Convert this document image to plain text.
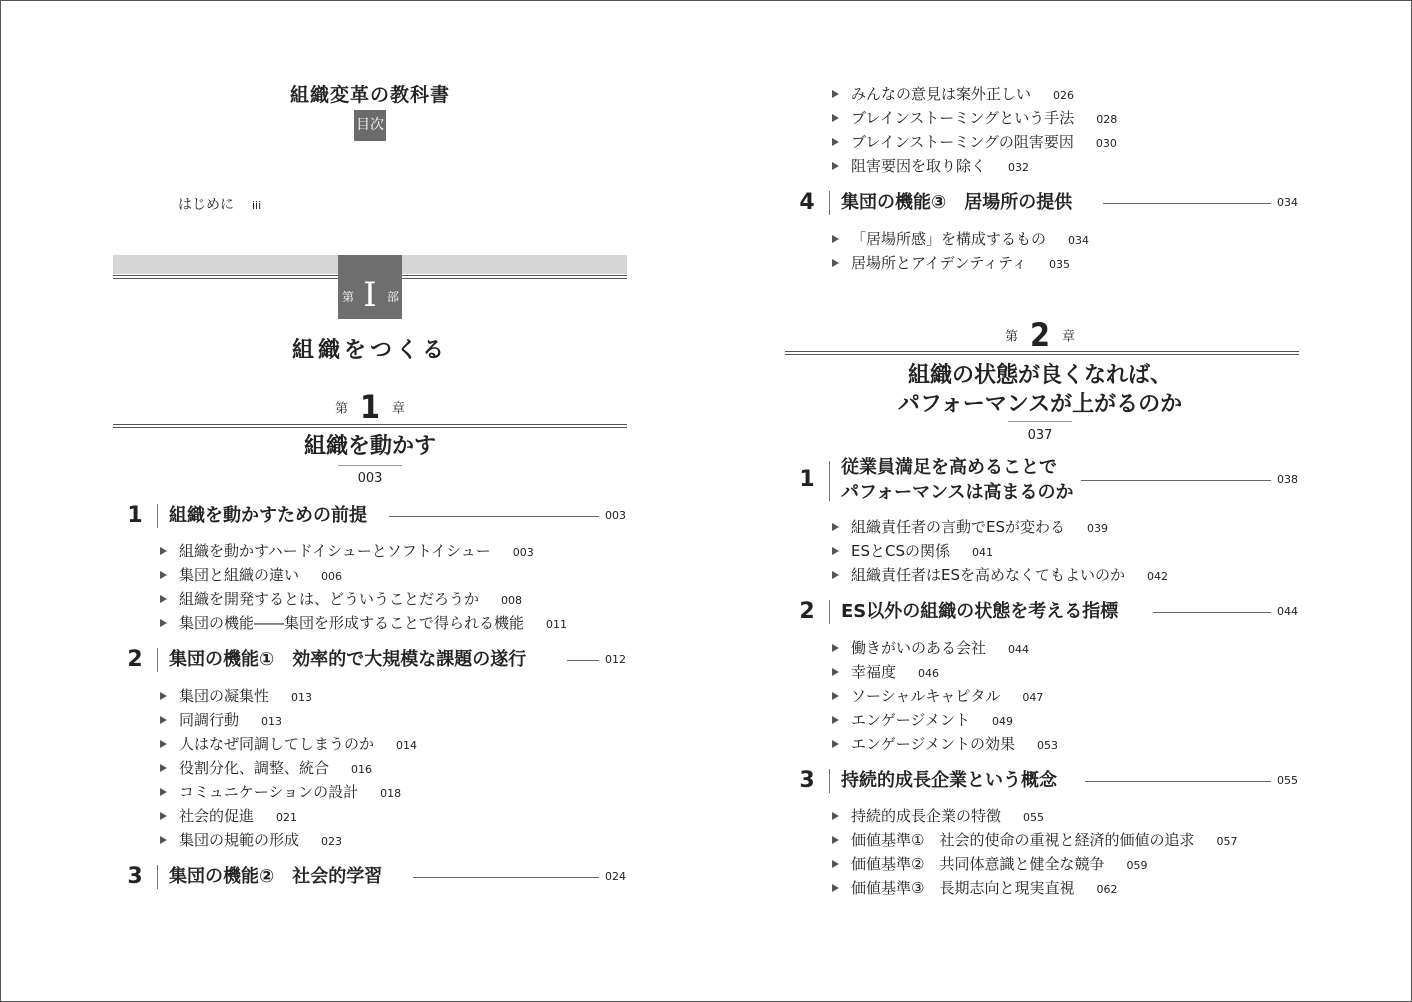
組織変革の教科書
目次
はじめに iii
第 I 部
組織をつくる
第 1 章
組織を動かす
003
1 組織を動かすための前提	003
組織を動かすハードイシューとソフトイシュー 003
集団と組織の違い 006
組織を開発するとは、どういうことだろうか 008
集団の機能――集団を形成することで得られる機能 011
2 集団の機能①　効率的で大規模な課題の遂行	012
集団の凝集性 013
同調行動 013
人はなぜ同調してしまうのか 014
役割分化、調整、統合 016
コミュニケーションの設計 018
社会的促進 021
集団の規範の形成 023
3 集団の機能②　社会的学習	024
みんなの意見は案外正しい 026
ブレインストーミングという手法 028
ブレインストーミングの阻害要因 030
阻害要因を取り除く 032
4 集団の機能③　居場所の提供	034
「居場所感」を構成するもの 034
居場所とアイデンティティ 035
第 2 章
組織の状態が良くなれば、
パフォーマンスが上がるのか
037
1 従業員満足を高めることで
パフォーマンスは高まるのか
038
組織責任者の言動でESが変わる 039
ESとCSの関係 041
組織責任者はESを高めなくてもよいのか 042
2 ES以外の組織の状態を考える指標	044
働きがいのある会社 044
幸福度 046
ソーシャルキャピタル 047
エンゲージメント 049
エンゲージメントの効果 053
3 持続的成長企業という概念	055
持続的成長企業の特徴 055
価値基準①　社会的使命の重視と経済的価値の追求 057
価値基準②　共同体意識と健全な競争 059
価値基準③　長期志向と現実直視 062
